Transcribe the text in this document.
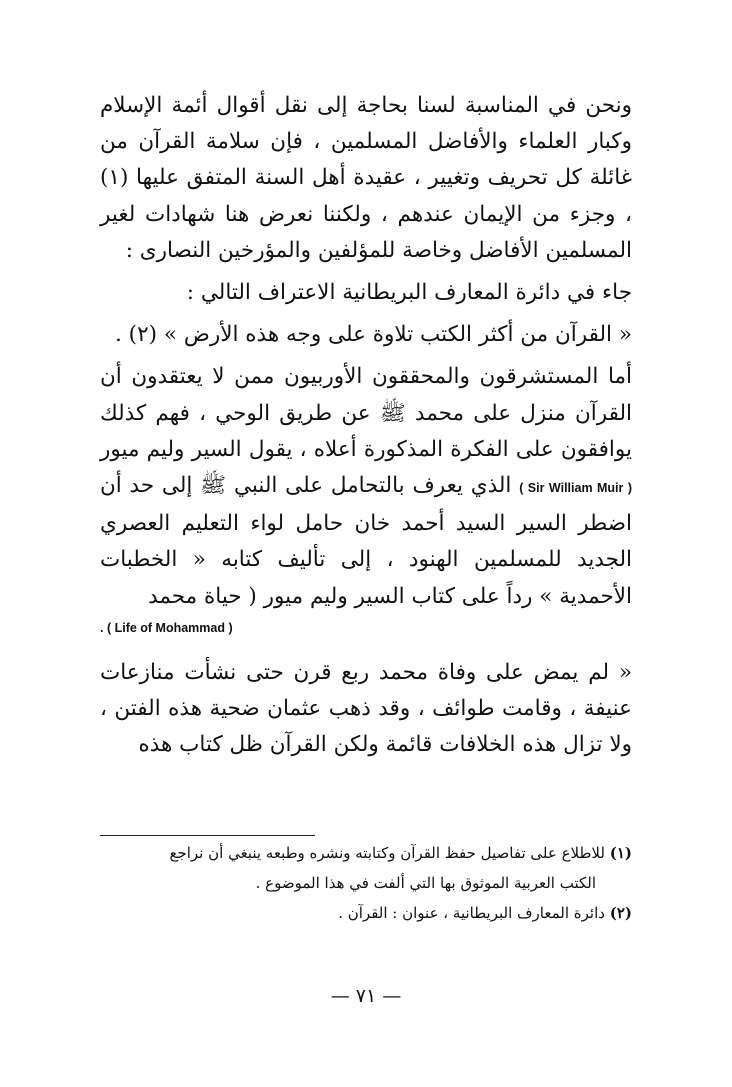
ونحن في المناسبة لسنا بحاجة إلى نقل أقوال أئمة الإسلام وكبار العلماء والأفاضل المسلمين ، فإن سلامة القرآن من غائلة كل تحريف وتغيير ، عقيدة أهل السنة المتفق عليها (١) ، وجزء من الإيمان عندهم ، ولكننا نعرض هنا شهادات لغير المسلمين الأفاضل وخاصة للمؤلفين والمؤرخين النصارى :

جاء في دائرة المعارف البريطانية الاعتراف التالي :

« القرآن من أكثر الكتب تلاوة على وجه هذه الأرض » (٢) .

أما المستشرقون والمحققون الأوربيون ممن لا يعتقدون أن القرآن منزل على محمد ﷺ عن طريق الوحي ، فهم كذلك يوافقون على الفكرة المذكورة أعلاه ، يقول السير وليم ميور ( Sir William Muir ) الذي يعرف بالتحامل على النبي ﷺ إلى حد أن اضطر السير السيد أحمد خان حامل لواء التعليم العصري الجديد للمسلمين الهنود ، إلى تأليف كتابه « الخطبات الأحمدية » رداً على كتاب السير وليم ميور ( حياة محمد
. ( Life of Mohammad )

« لم يمض على وفاة محمد ربع قرن حتى نشأت منازعات عنيفة ، وقامت طوائف ، وقد ذهب عثمان ضحية هذه الفتن ، ولا تزال هذه الخلافات قائمة ولكن القرآن ظل كتاب هذه

(١) للاطلاع على تفاصيل حفظ القرآن وكتابته ونشره وطبعه ينبغي أن نراجع

الكتب العربية الموثوق بها التي ألفت في هذا الموضوع .

(٢) دائرة المعارف البريطانية ، عنوان : القرآن .

— ٧١ —
